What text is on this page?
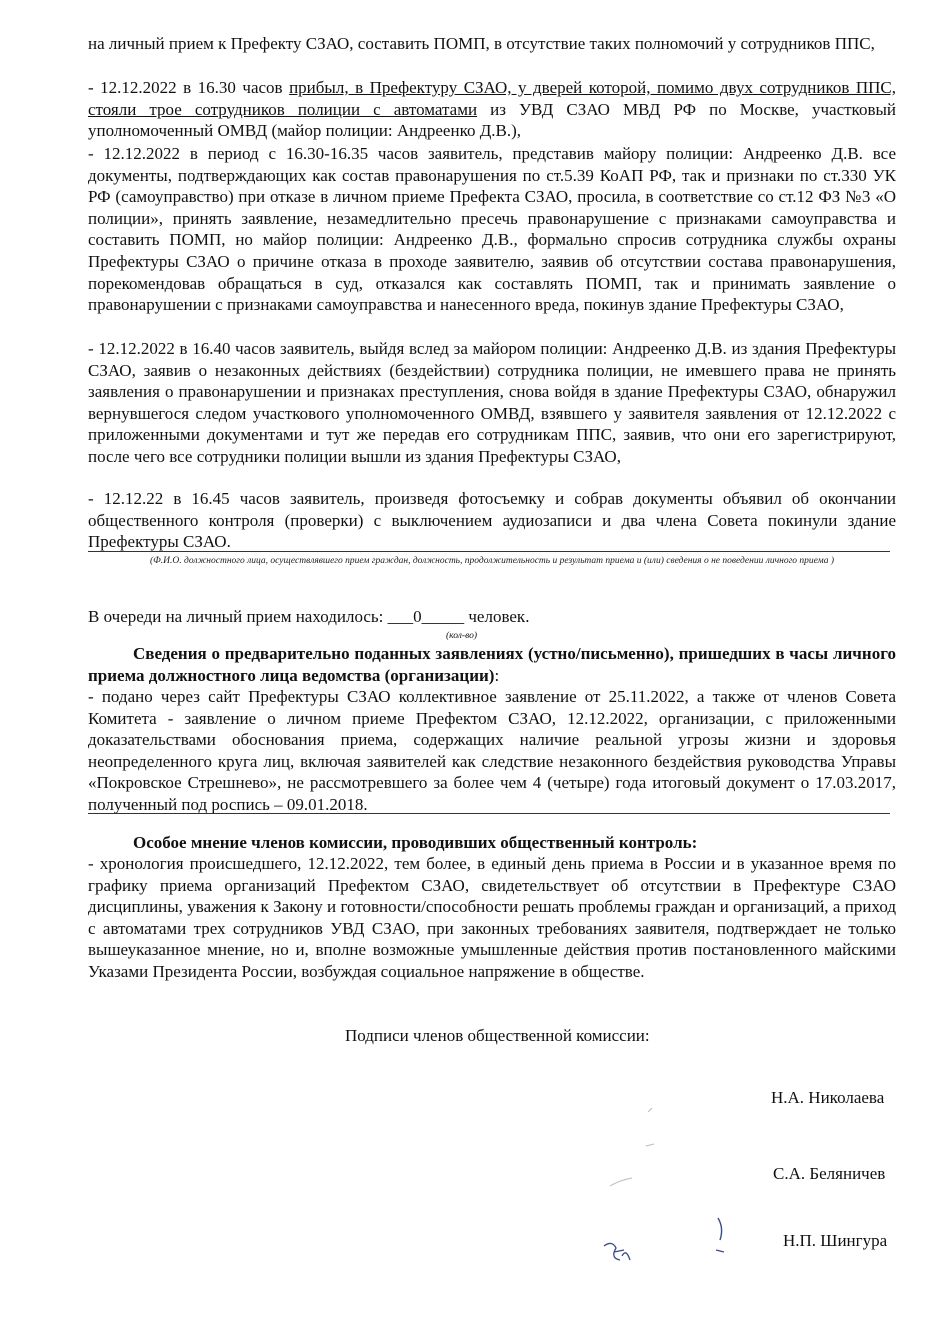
на личный прием к Префекту СЗАО, составить ПОМП, в отсутствие таких полномочий у сотрудников ППС,

- 12.12.2022 в 16.30 часов прибыл, в Префектуру СЗАО, у дверей которой, помимо двух сотрудников ППС, стояли трое сотрудников полиции с автоматами из УВД СЗАО МВД РФ по Москве, участковый уполномоченный ОМВД (майор полиции: Андреенко Д.В.),

- 12.12.2022 в период с 16.30-16.35 часов заявитель, представив майору полиции: Андреенко Д.В. все документы, подтверждающих как состав правонарушения по ст.5.39 КоАП РФ, так и признаки по ст.330 УК РФ (самоуправство) при отказе в личном приеме Префекта СЗАО, просила, в соответствие со ст.12 ФЗ №3 «О полиции», принять заявление, незамедлительно пресечь правонарушение с признаками самоуправства и составить ПОМП, но майор полиции: Андреенко Д.В., формально спросив сотрудника службы охраны Префектуры СЗАО о причине отказа в проходе заявителю, заявив об отсутствии состава правонарушения, порекомендовав обращаться в суд, отказался как составлять ПОМП, так и принимать заявление о правонарушении с признаками самоуправства и нанесенного вреда, покинув здание Префектуры СЗАО,

- 12.12.2022 в 16.40 часов заявитель, выйдя вслед за майором полиции: Андреенко Д.В. из здания Префектуры СЗАО, заявив о незаконных действиях (бездействии) сотрудника полиции, не имевшего права не принять заявления о правонарушении и признаках преступления, снова войдя в здание Префектуры СЗАО, обнаружил вернувшегося следом участкового уполномоченного ОМВД, взявшего у заявителя заявления от 12.12.2022 с приложенными документами и тут же передав его сотрудникам ППС, заявив, что они его зарегистрируют, после чего все сотрудники полиции вышли из здания Префектуры СЗАО,

- 12.12.22 в 16.45 часов заявитель, произведя фотосъемку и собрав документы объявил об окончании общественного контроля (проверки) с выключением аудиозаписи и два члена Совета покинули здание Префектуры СЗАО.

(Ф.И.О. должностного лица, осуществлявшего прием граждан, должность, продолжительность и результат приема и (или) сведения о не поведении личного приема )

В очереди на личный прием находилось: ___0_____ человек.

(кол-во)

Сведения о предварительно поданных заявлениях (устно/письменно), пришедших в часы личного приема должностного лица ведомства (организации):

- подано через сайт Префектуры СЗАО коллективное заявление от 25.11.2022, а также от членов Совета Комитета - заявление о личном приеме Префектом СЗАО, 12.12.2022, организации, с приложенными доказательствами обоснования приема, содержащих наличие реальной угрозы жизни и здоровья неопределенного круга лиц, включая заявителей как следствие незаконного бездействия руководства Управы «Покровское Стрешнево», не рассмотревшего за более чем 4 (четыре) года итоговый документ о 17.03.2017, полученный под роспись – 09.01.2018.

Особое мнение членов комиссии, проводивших общественный контроль:

- хронология происшедшего, 12.12.2022, тем более, в единый день приема в России и в указанное время по графику приема организаций Префектом СЗАО, свидетельствует об отсутствии в Префектуре СЗАО дисциплины, уважения к Закону и готовности/способности решать проблемы граждан и организаций, а приход с автоматами трех сотрудников УВД СЗАО, при законных требованиях заявителя, подтверждает не только вышеуказанное мнение, но и, вполне возможные умышленные действия против постановленного майскими Указами Президента России, возбуждая социальное напряжение в обществе.

Подписи членов общественной комиссии:
Н.А. Николаева
С.А. Беляничев
Н.П. Шингура
